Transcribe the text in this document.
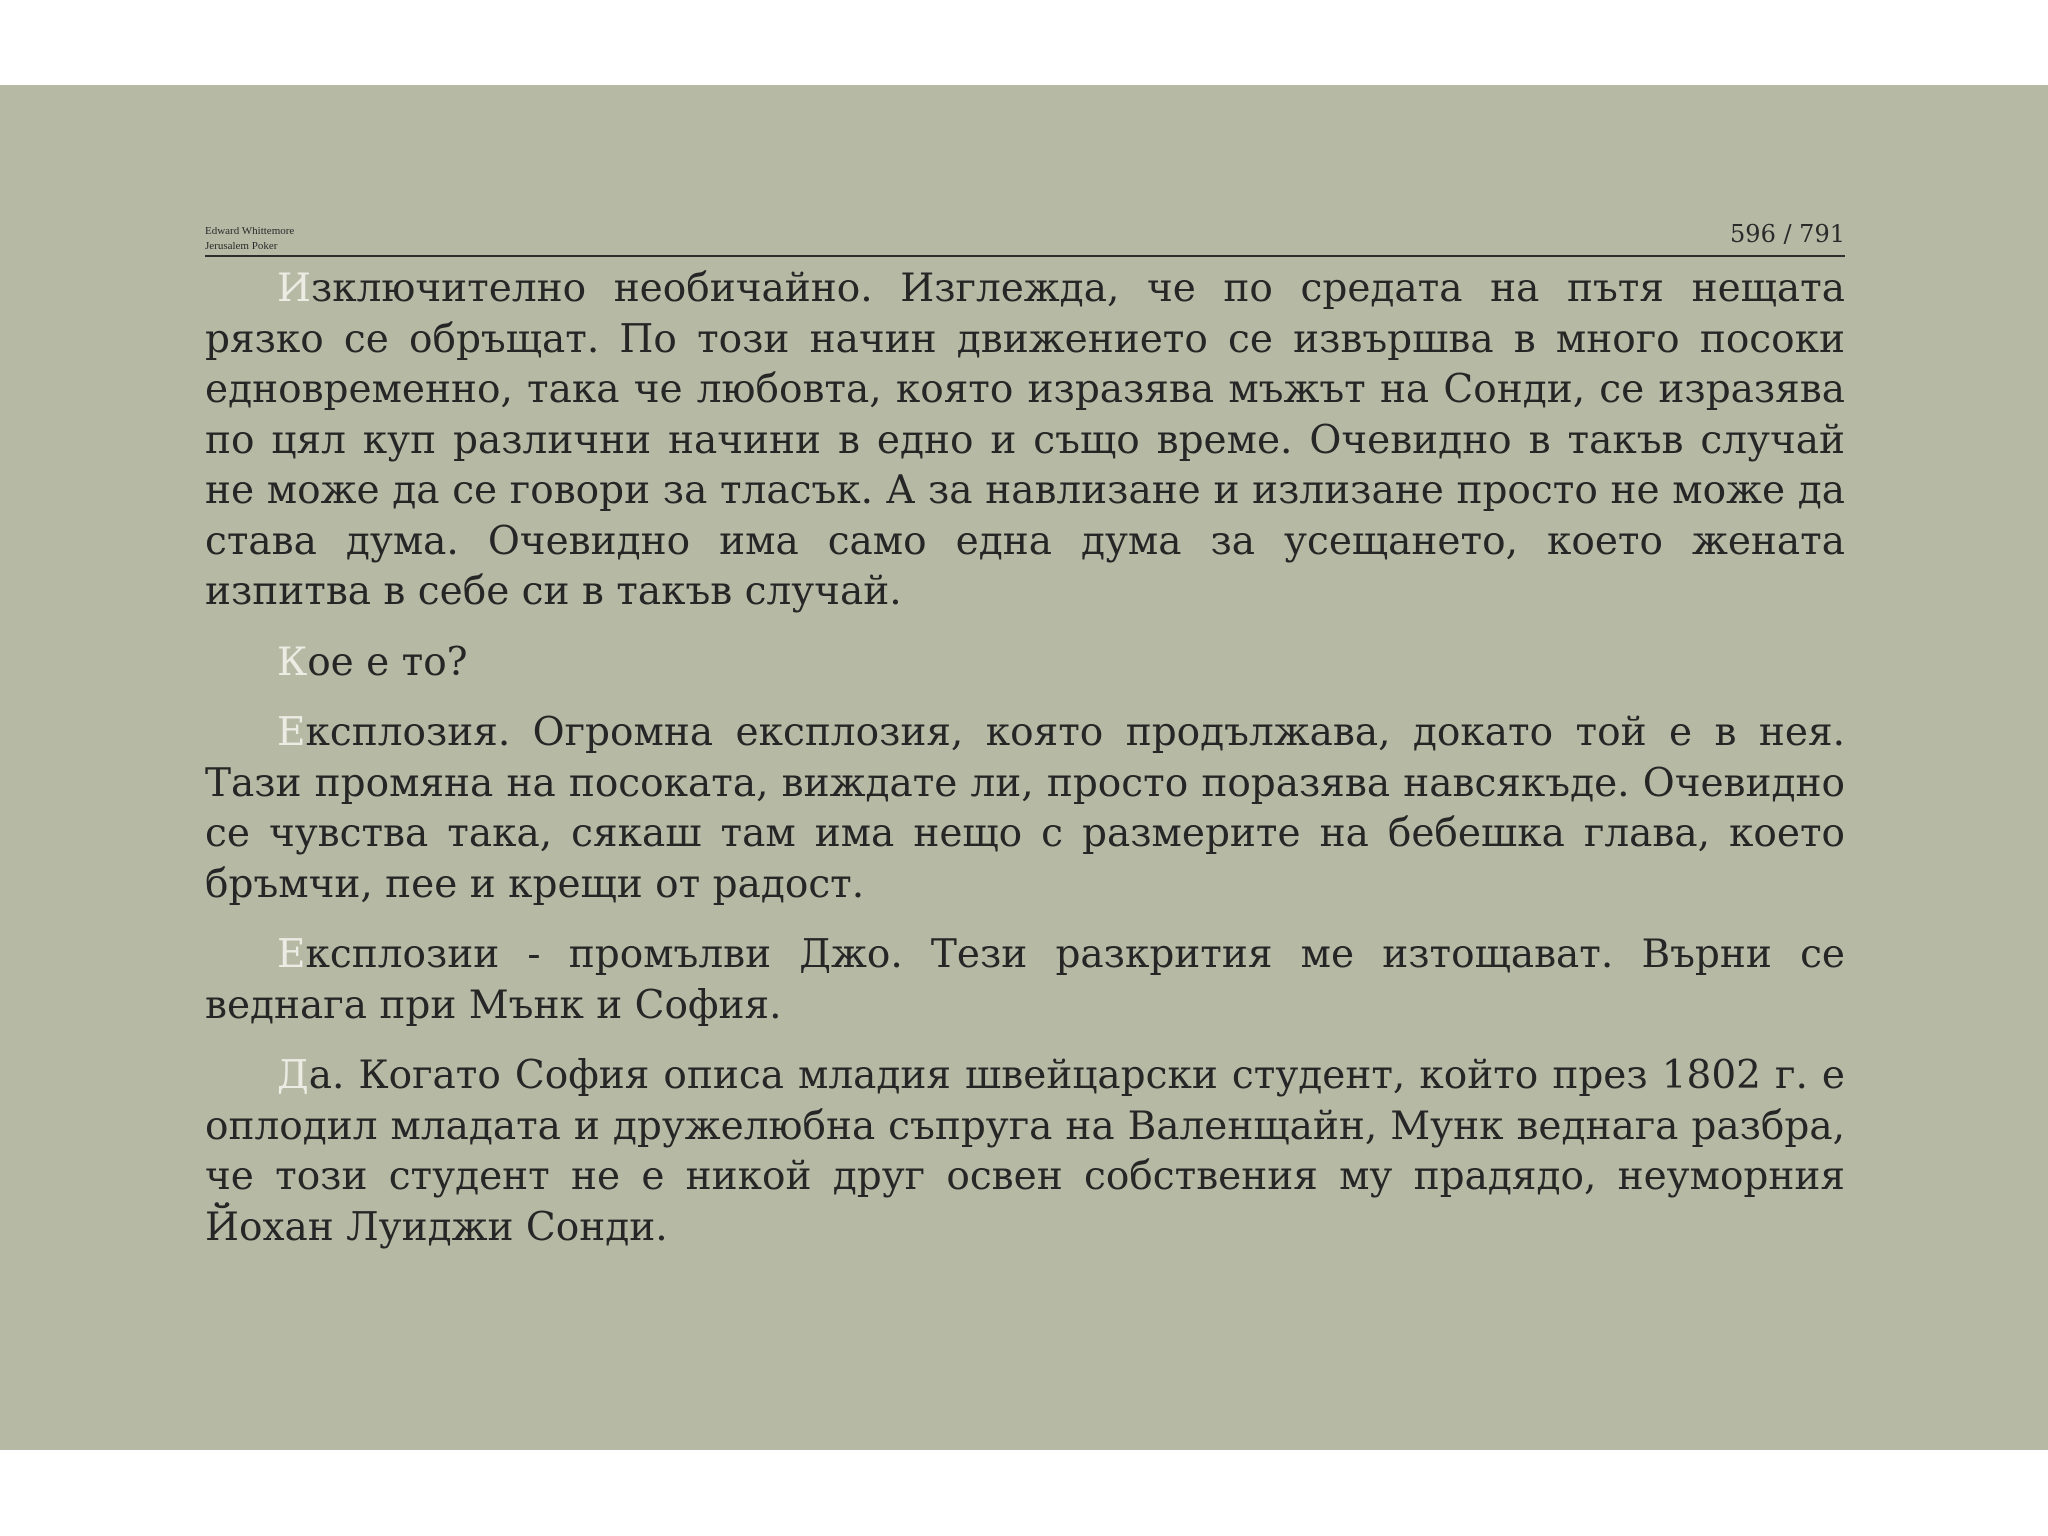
Edward Whittemore
Jerusalem Poker	596 / 791

Изключително необичайно. Изглежда, че по средата на пътя нещата рязко се обръщат. По този начин движението се извършва в много посоки едновременно, така че любовта, която изразява мъжът на Сонди, се изразява по цял куп различни начини в едно и също време. Очевидно в такъв случай не може да се говори за тласък. А за навлизане и излизане просто не може да става дума. Очевидно има само една дума за усещането, което жената изпитва в себе си в такъв случай.

Кое е то?

Експлозия. Огромна експлозия, която продължава, докато той е в нея. Тази промяна на посоката, виждате ли, просто поразява навсякъде. Очевидно се чувства така, сякаш там има нещо с размерите на бебешка глава, което бръмчи, пее и крещи от радост.

Експлозии - промълви Джо. Тези разкрития ме изтощават. Върни се веднага при Мънк и София.

Да. Когато София описа младия швейцарски студент, който през 1802 г. е оплодил младата и дружелюбна съпруга на Валенщайн, Мунк веднага разбра, че този студент не е никой друг освен собствения му прадядо, неуморния Йохан Луиджи Сонди.
